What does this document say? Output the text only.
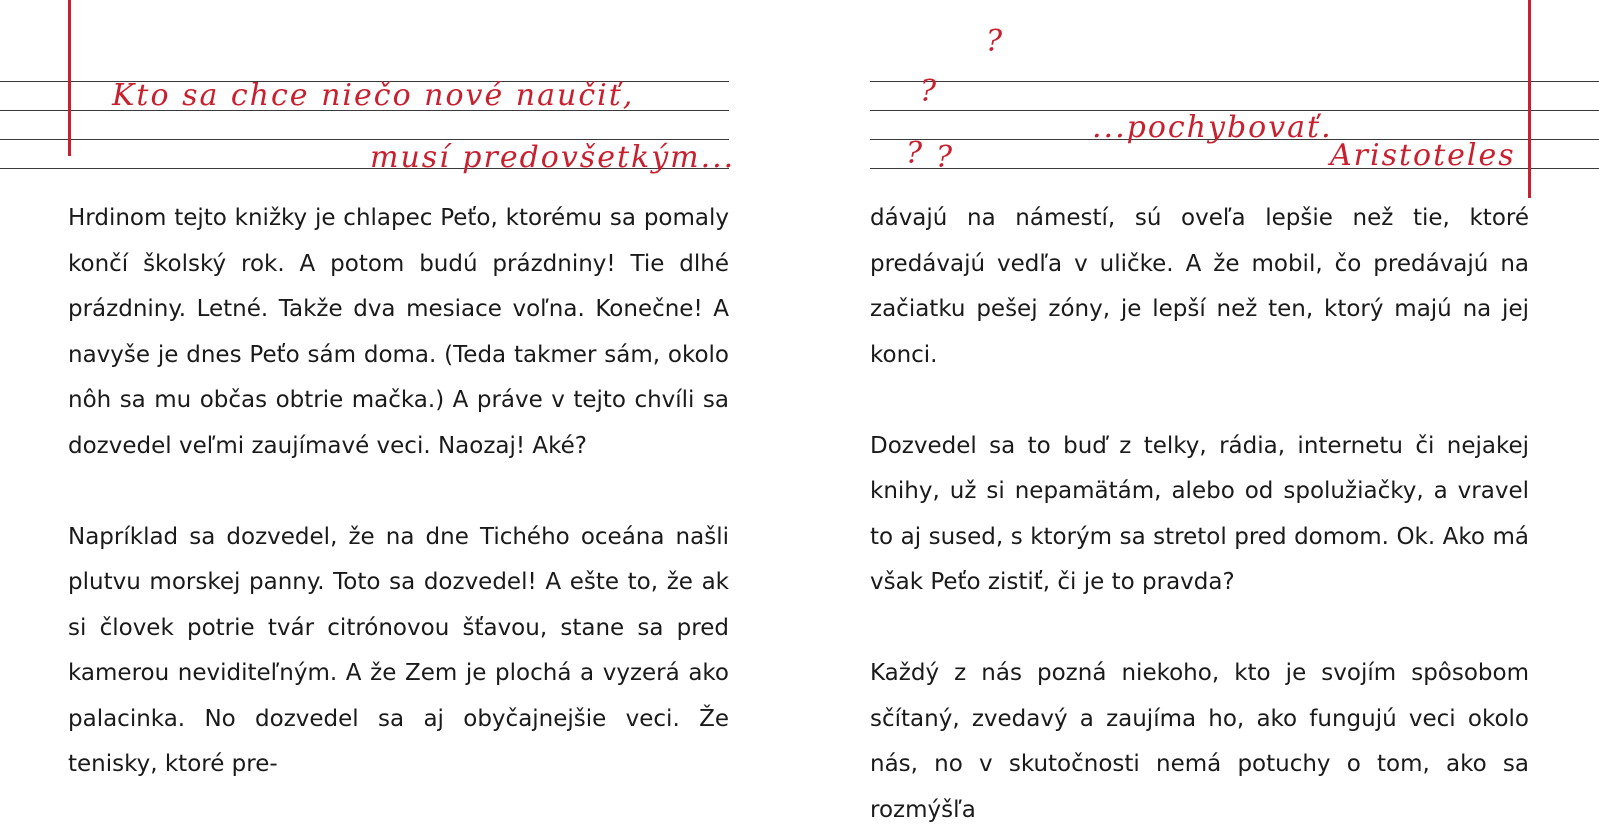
Kto sa chce niečo nové naučiť,
musí predovšetkým...

Hrdinom tejto knižky je chlapec Peťo, ktorému sa pomaly končí školský rok. A potom budú prázdniny! Tie dlhé prázdniny. Letné. Takže dva mesiace voľna. Konečne! A navyše je dnes Peťo sám doma. (Teda takmer sám, okolo nôh sa mu občas obtrie mačka.) A práve v tejto chvíli sa dozvedel veľmi zaujímavé veci. Naozaj! Aké?

Napríklad sa dozvedel, že na dne Tichého oceána našli plutvu morskej panny. Toto sa dozvedel! A ešte to, že ak si človek potrie tvár citrónovou šťavou, stane sa pred kamerou neviditeľným. A že Zem je plochá a vyzerá ako palacinka. No dozvedel sa aj obyčajnejšie veci. Že tenisky, ktoré pre-

?
?
? ?
...pochybovať.
Aristoteles

dávajú na námestí, sú oveľa lepšie než tie, ktoré predávajú vedľa v uličke. A že mobil, čo predávajú na začiatku pešej zóny, je lepší než ten, ktorý majú na jej konci.

Dozvedel sa to buď z telky, rádia, internetu či nejakej knihy, už si nepamätám, alebo od spolužiačky, a vravel to aj sused, s ktorým sa stretol pred domom. Ok. Ako má však Peťo zistiť, či je to pravda?

Každý z nás pozná niekoho, kto je svojím spôsobom sčítaný, zvedavý a zaujíma ho, ako fungujú veci okolo nás, no v skutočnosti nemá potuchy o tom, ako sa rozmýšľa
